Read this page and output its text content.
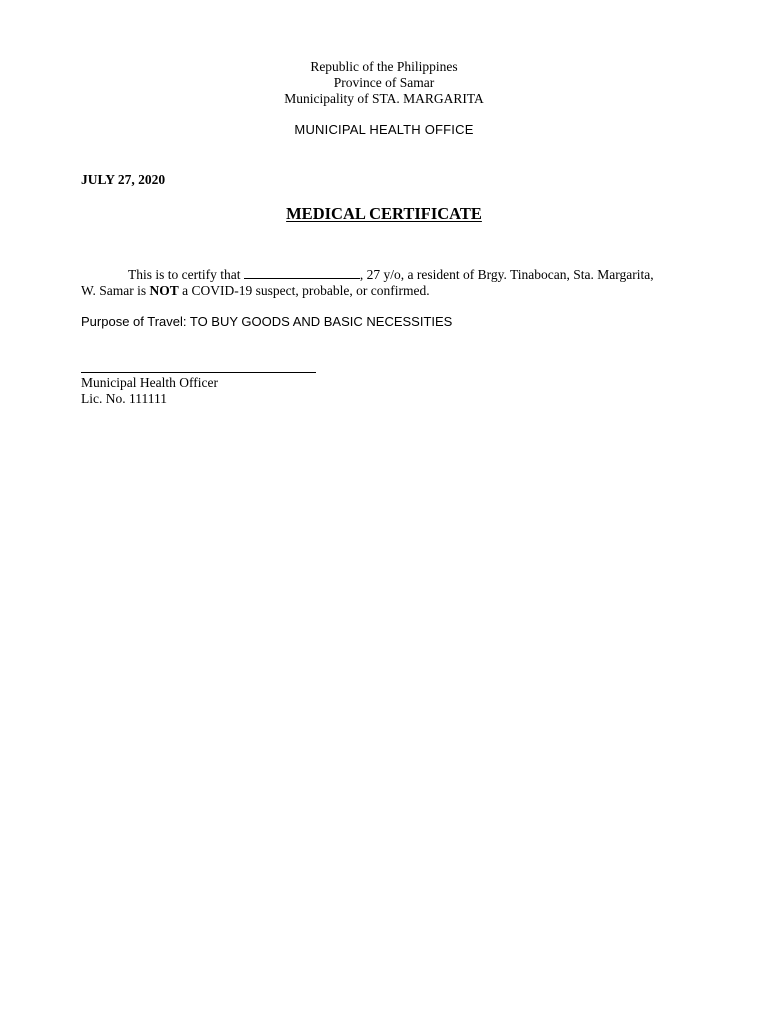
Republic of the Philippines
Province of Samar
Municipality of STA. MARGARITA
MUNICIPAL HEALTH OFFICE
JULY 27, 2020
MEDICAL CERTIFICATE
This is to certify that	, 27 y/o, a resident of Brgy. Tinabocan, Sta. Margarita,
W. Samar is NOT a COVID-19 suspect, probable, or confirmed.
Purpose of Travel: TO BUY GOODS AND BASIC NECESSITIES
Municipal Health Officer
Lic. No. 111111
